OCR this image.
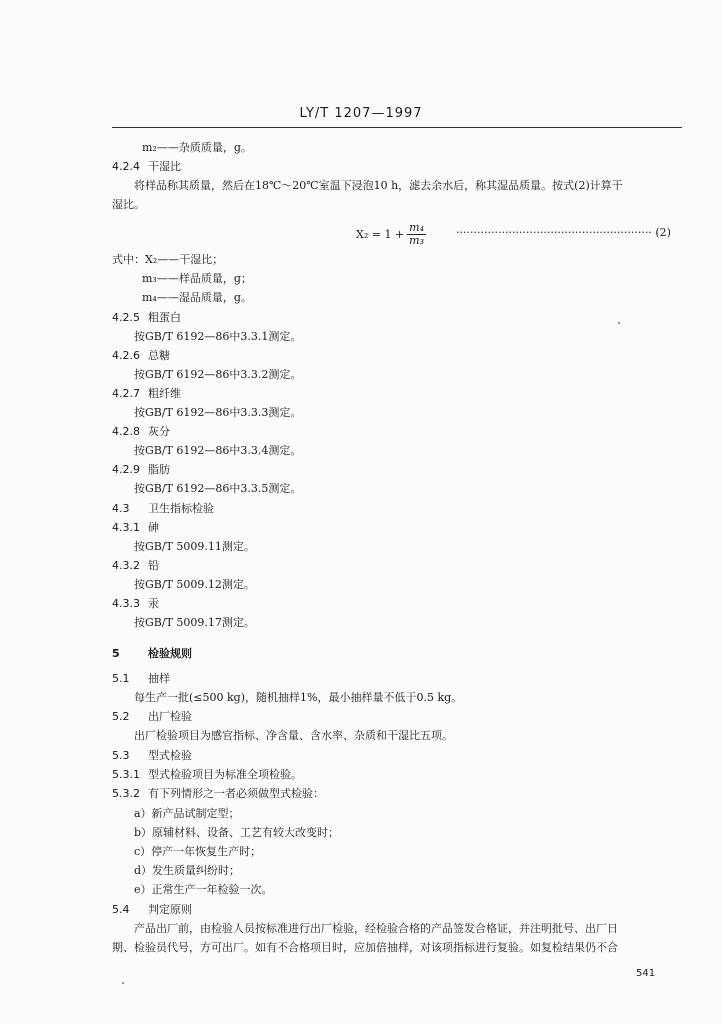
LY/T 1207—1997
m₂——杂质质量，g。
4.2.4 干湿比
将样品称其质量，然后在18℃～20℃室温下浸泡10 h，滤去余水后，称其湿品质量。按式(2)计算干
湿比。
式中：X₂——干湿比；
m₃——样品质量，g；
m₄——湿品质量，g。
4.2.5 粗蛋白
按GB/T 6192—86中3.3.1测定。
4.2.6 总糖
按GB/T 6192—86中3.3.2测定。
4.2.7 粗纤维
按GB/T 6192—86中3.3.3测定。
4.2.8 灰分
按GB/T 6192—86中3.3.4测定。
4.2.9 脂肪
按GB/T 6192—86中3.3.5测定。
4.3 卫生指标检验
4.3.1 砷
按GB/T 5009.11测定。
4.3.2 铅
按GB/T 5009.12测定。
4.3.3 汞
按GB/T 5009.17测定。
5	检验规则
5.1 抽样
每生产一批(≤500 kg)，随机抽样1%，最小抽样量不低于0.5 kg。
5.2 出厂检验
出厂检验项目为感官指标、净含量、含水率、杂质和干湿比五项。
5.3 型式检验
5.3.1 型式检验项目为标准全项检验。
5.3.2 有下列情形之一者必须做型式检验：
a）新产品试制定型；
b）原辅材料、设备、工艺有较大改变时；
c）停产一年恢复生产时；
d）发生质量纠纷时；
e）正常生产一年检验一次。
5.4 判定原则
产品出厂前，由检验人员按标准进行出厂检验，经检验合格的产品签发合格证，并注明批号、出厂日
期、检验员代号，方可出厂。如有不合格项目时，应加倍抽样，对该项指标进行复验。如复检结果仍不合
$X_2 = 1 + \frac{\text{m₄}}{\text{m₃}}$	························································ (2)
541
